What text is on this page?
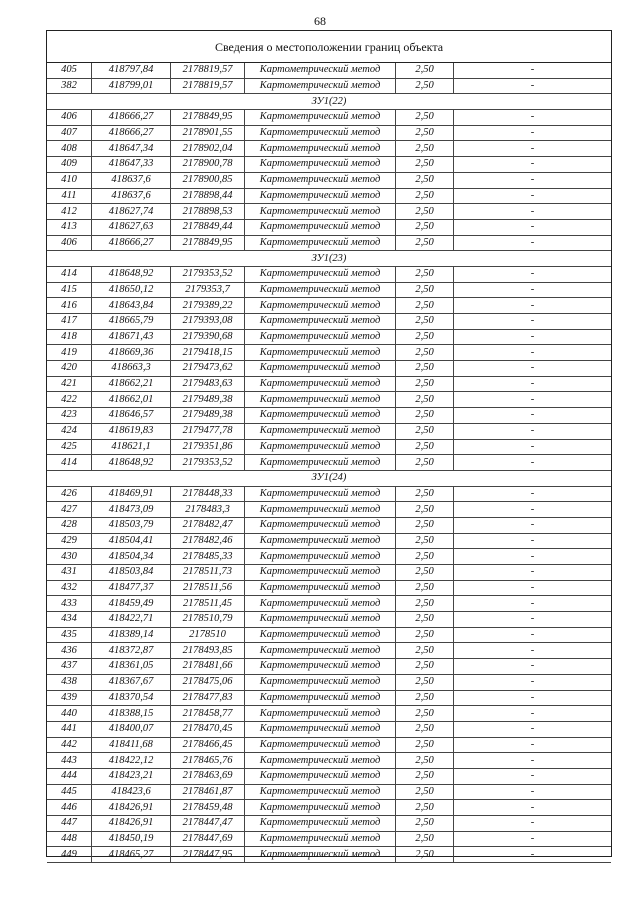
68
Сведения о местоположении границ объекта
405	418797,84	2178819,57	Картометрический метод	2,50	-
382	418799,01	2178819,57	Картометрический метод	2,50	-
ЗУ1(22)					
406	418666,27	2178849,95	Картометрический метод	2,50	-
407	418666,27	2178901,55	Картометрический метод	2,50	-
408	418647,34	2178902,04	Картометрический метод	2,50	-
409	418647,33	2178900,78	Картометрический метод	2,50	-
410	418637,6	2178900,85	Картометрический метод	2,50	-
411	418637,6	2178898,44	Картометрический метод	2,50	-
412	418627,74	2178898,53	Картометрический метод	2,50	-
413	418627,63	2178849,44	Картометрический метод	2,50	-
406	418666,27	2178849,95	Картометрический метод	2,50	-
ЗУ1(23)					
414	418648,92	2179353,52	Картометрический метод	2,50	-
415	418650,12	2179353,7	Картометрический метод	2,50	-
416	418643,84	2179389,22	Картометрический метод	2,50	-
417	418665,79	2179393,08	Картометрический метод	2,50	-
418	418671,43	2179390,68	Картометрический метод	2,50	-
419	418669,36	2179418,15	Картометрический метод	2,50	-
420	418663,3	2179473,62	Картометрический метод	2,50	-
421	418662,21	2179483,63	Картометрический метод	2,50	-
422	418662,01	2179489,38	Картометрический метод	2,50	-
423	418646,57	2179489,38	Картометрический метод	2,50	-
424	418619,83	2179477,78	Картометрический метод	2,50	-
425	418621,1	2179351,86	Картометрический метод	2,50	-
414	418648,92	2179353,52	Картометрический метод	2,50	-
ЗУ1(24)					
426	418469,91	2178448,33	Картометрический метод	2,50	-
427	418473,09	2178483,3	Картометрический метод	2,50	-
428	418503,79	2178482,47	Картометрический метод	2,50	-
429	418504,41	2178482,46	Картометрический метод	2,50	-
430	418504,34	2178485,33	Картометрический метод	2,50	-
431	418503,84	2178511,73	Картометрический метод	2,50	-
432	418477,37	2178511,56	Картометрический метод	2,50	-
433	418459,49	2178511,45	Картометрический метод	2,50	-
434	418422,71	2178510,79	Картометрический метод	2,50	-
435	418389,14	2178510	Картометрический метод	2,50	-
436	418372,87	2178493,85	Картометрический метод	2,50	-
437	418361,05	2178481,66	Картометрический метод	2,50	-
438	418367,67	2178475,06	Картометрический метод	2,50	-
439	418370,54	2178477,83	Картометрический метод	2,50	-
440	418388,15	2178458,77	Картометрический метод	2,50	-
441	418400,07	2178470,45	Картометрический метод	2,50	-
442	418411,68	2178466,45	Картометрический метод	2,50	-
443	418422,12	2178465,76	Картометрический метод	2,50	-
444	418423,21	2178463,69	Картометрический метод	2,50	-
445	418423,6	2178461,87	Картометрический метод	2,50	-
446	418426,91	2178459,48	Картометрический метод	2,50	-
447	418426,91	2178447,47	Картометрический метод	2,50	-
448	418450,19	2178447,69	Картометрический метод	2,50	-
449	418465,27	2178447,95	Картометрический метод	2,50	-
